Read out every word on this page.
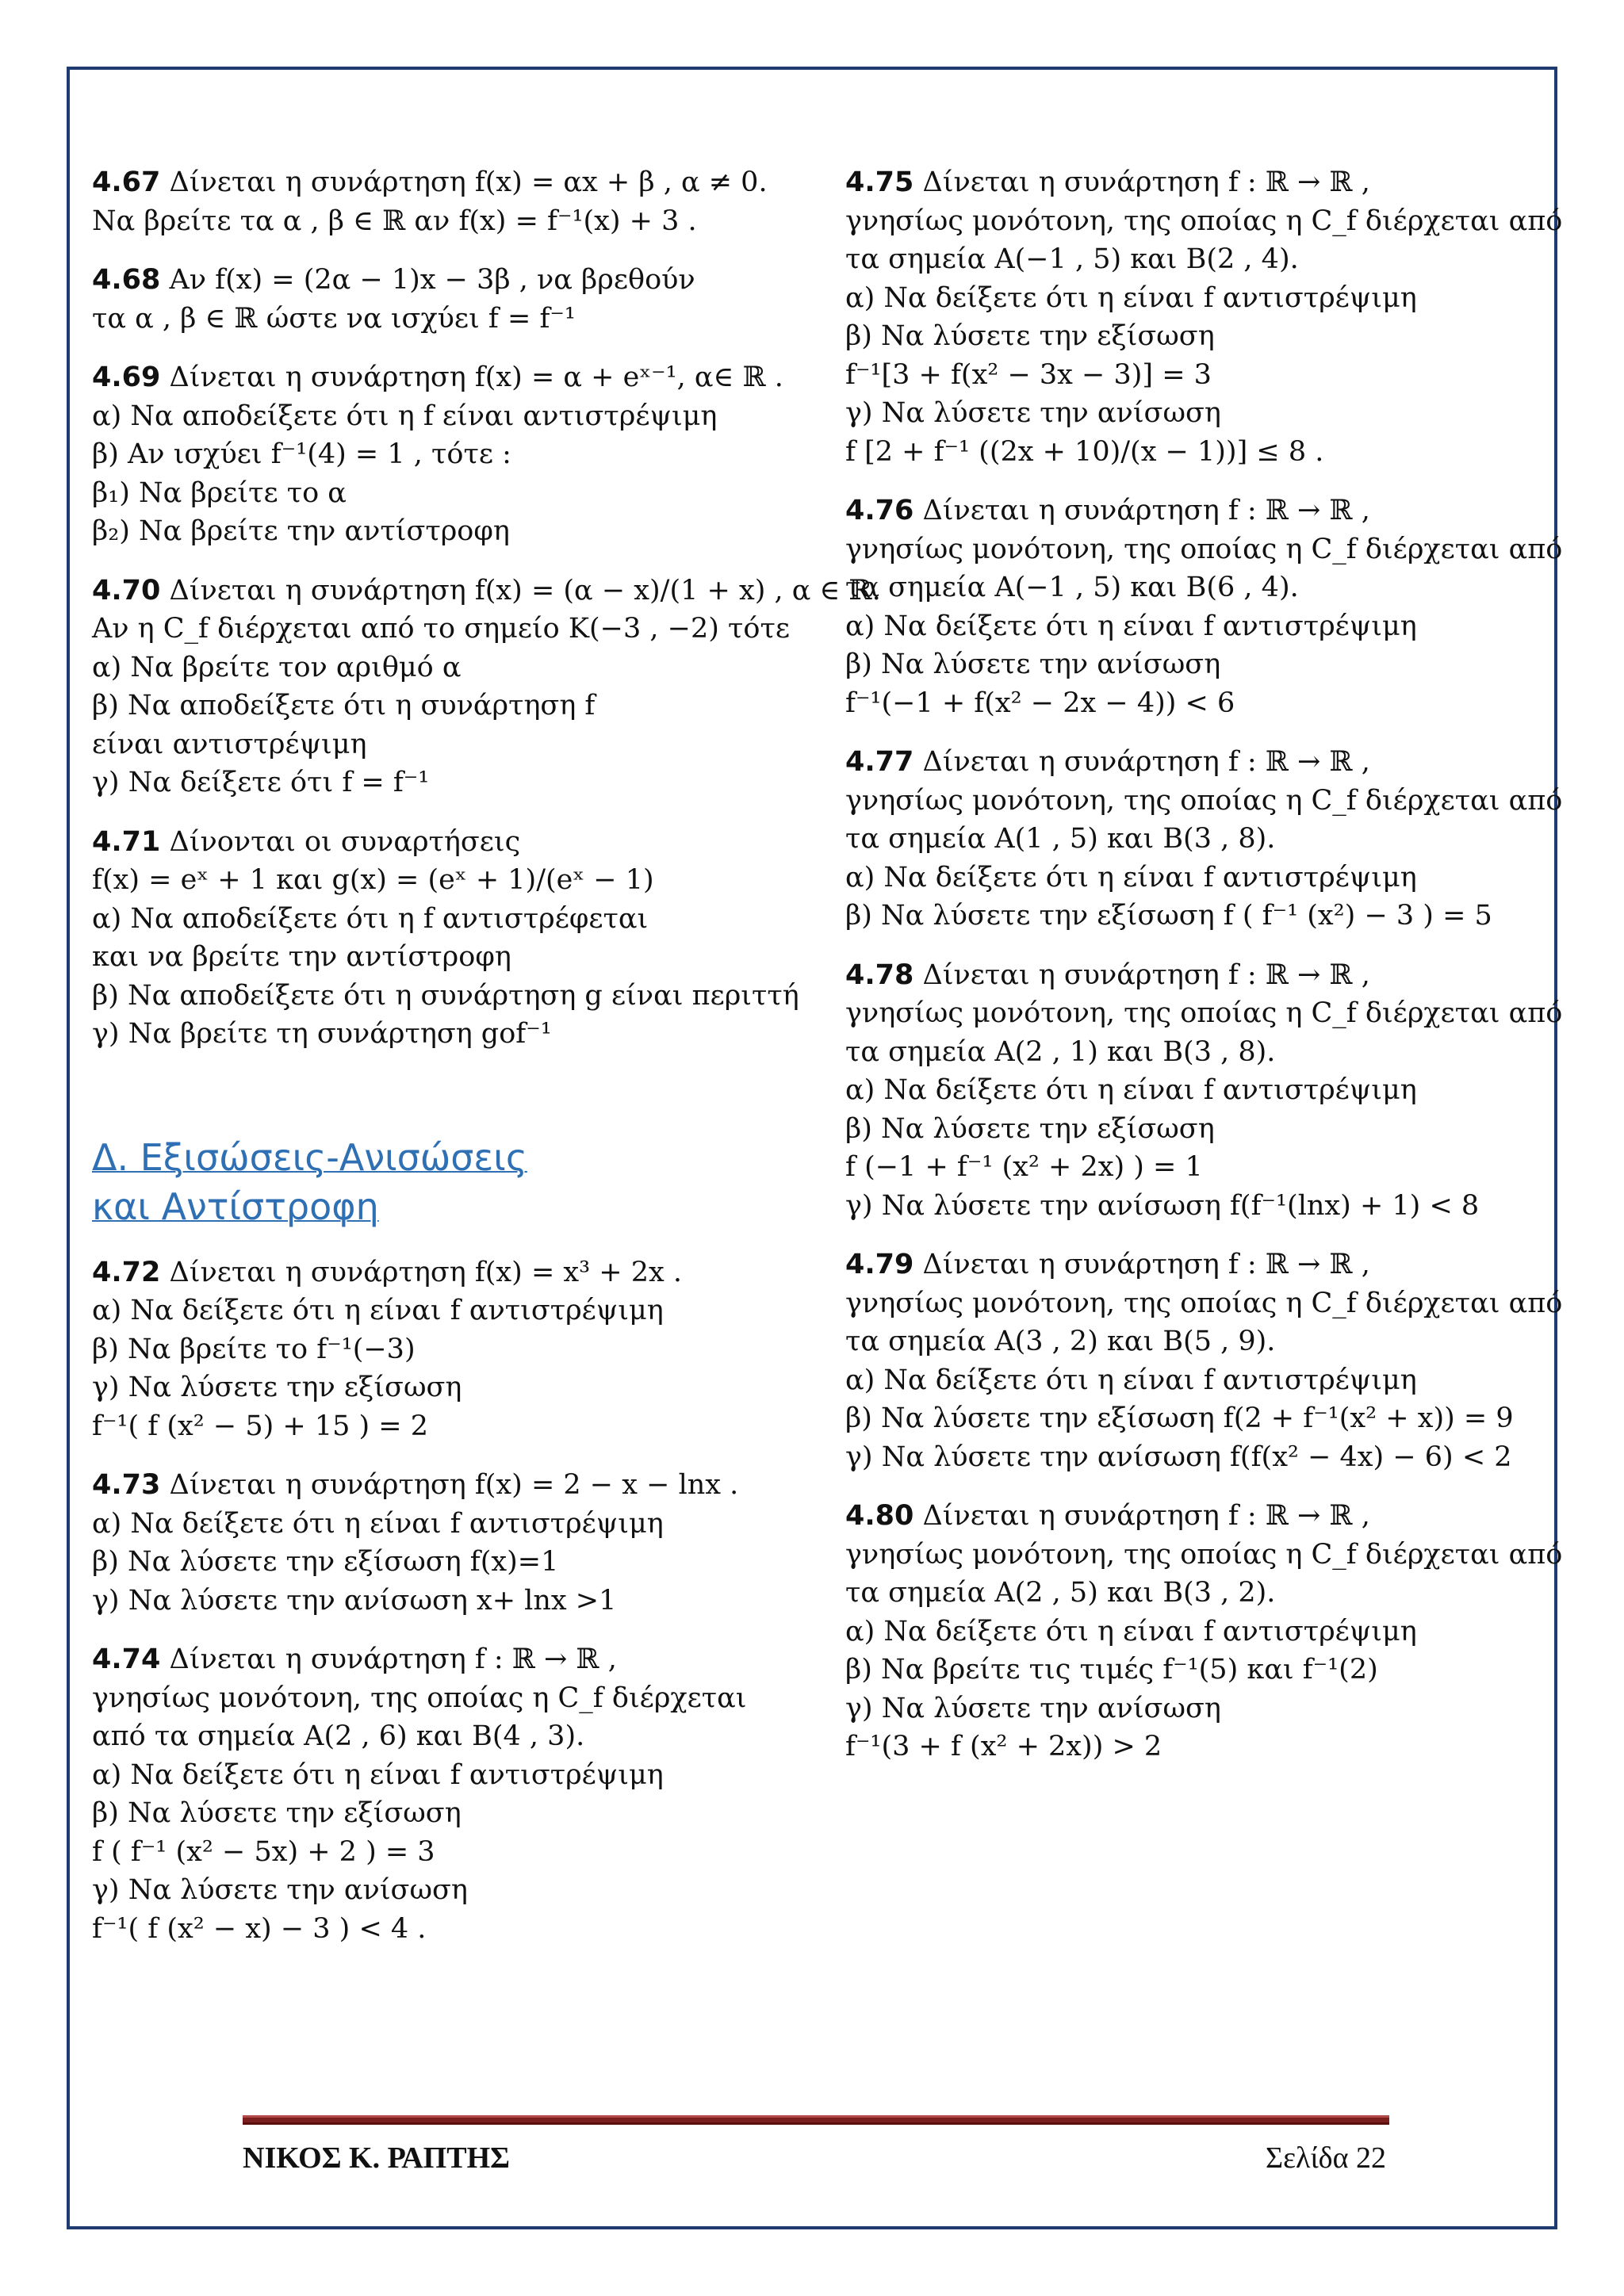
4.67 Δίνεται η συνάρτηση f(x) = αx + β , α ≠ 0.
Να βρείτε τα α , β ∈ ℝ αν f(x) = f⁻¹(x) + 3 .
4.68 Αν f(x) = (2α − 1)x − 3β , να βρεθούν
τα α , β ∈ ℝ ώστε να ισχύει f = f⁻¹
4.69 Δίνεται η συνάρτηση f(x) = α + eˣ⁻¹, α∈ ℝ .
α) Να αποδείξετε ότι η f είναι αντιστρέψιμη
β) Αν ισχύει f⁻¹(4) = 1 , τότε :
β₁) Να βρείτε το α
β₂) Να βρείτε την αντίστροφη
4.70 Δίνεται η συνάρτηση f(x) = (α − x)/(1 + x) , α ∈ ℝ.
Αν η C_f διέρχεται από το σημείο Κ(−3 , −2) τότε
α) Να βρείτε τον αριθμό α
β) Να αποδείξετε ότι η συνάρτηση f
είναι αντιστρέψιμη
γ) Να δείξετε ότι f = f⁻¹
4.71 Δίνονται οι συναρτήσεις
f(x) = eˣ + 1 και g(x) = (eˣ + 1)/(eˣ − 1)
α) Να αποδείξετε ότι η f αντιστρέφεται
και να βρείτε την αντίστροφη
β) Να αποδείξετε ότι η συνάρτηση g είναι περιττή
γ) Να βρείτε τη συνάρτηση gof⁻¹
Δ. Εξισώσεις-Ανισώσεις
και Αντίστροφη
4.72 Δίνεται η συνάρτηση f(x) = x³ + 2x .
α) Να δείξετε ότι η είναι f αντιστρέψιμη
β) Να βρείτε το f⁻¹(−3)
γ) Να λύσετε την εξίσωση
f⁻¹( f (x² − 5) + 15 ) = 2
4.73 Δίνεται η συνάρτηση f(x) = 2 − x − lnx .
α) Να δείξετε ότι η είναι f αντιστρέψιμη
β) Να λύσετε την εξίσωση f(x)=1
γ) Να λύσετε την ανίσωση x+ lnx >1
4.74 Δίνεται η συνάρτηση f : ℝ → ℝ ,
γνησίως μονότονη, της οποίας η C_f διέρχεται
από τα σημεία Α(2 , 6) και Β(4 , 3).
α) Να δείξετε ότι η είναι f αντιστρέψιμη
β) Να λύσετε την εξίσωση
f ( f⁻¹ (x² − 5x) + 2 ) = 3
γ) Να λύσετε την ανίσωση
f⁻¹( f (x² − x) − 3 ) < 4 .
4.75 Δίνεται η συνάρτηση f : ℝ → ℝ ,
γνησίως μονότονη, της οποίας η C_f διέρχεται από
τα σημεία Α(−1 , 5) και Β(2 , 4).
α) Να δείξετε ότι η είναι f αντιστρέψιμη
β) Να λύσετε την εξίσωση
f⁻¹[3 + f(x² − 3x − 3)] = 3
γ) Να λύσετε την ανίσωση
f [2 + f⁻¹ ((2x + 10)/(x − 1))] ≤ 8 .
4.76 Δίνεται η συνάρτηση f : ℝ → ℝ ,
γνησίως μονότονη, της οποίας η C_f διέρχεται από
τα σημεία Α(−1 , 5) και Β(6 , 4).
α) Να δείξετε ότι η είναι f αντιστρέψιμη
β) Να λύσετε την ανίσωση
f⁻¹(−1 + f(x² − 2x − 4)) < 6
4.77 Δίνεται η συνάρτηση f : ℝ → ℝ ,
γνησίως μονότονη, της οποίας η C_f διέρχεται από
τα σημεία Α(1 , 5) και Β(3 , 8).
α) Να δείξετε ότι η είναι f αντιστρέψιμη
β) Να λύσετε την εξίσωση f ( f⁻¹ (x²) − 3 ) = 5
4.78 Δίνεται η συνάρτηση f : ℝ → ℝ ,
γνησίως μονότονη, της οποίας η C_f διέρχεται από
τα σημεία Α(2 , 1) και Β(3 , 8).
α) Να δείξετε ότι η είναι f αντιστρέψιμη
β) Να λύσετε την εξίσωση
f (−1 + f⁻¹ (x² + 2x) ) = 1
γ) Να λύσετε την ανίσωση f(f⁻¹(lnx) + 1) < 8
4.79 Δίνεται η συνάρτηση f : ℝ → ℝ ,
γνησίως μονότονη, της οποίας η C_f διέρχεται από
τα σημεία Α(3 , 2) και Β(5 , 9).
α) Να δείξετε ότι η είναι f αντιστρέψιμη
β) Να λύσετε την εξίσωση f(2 + f⁻¹(x² + x)) = 9
γ) Να λύσετε την ανίσωση f(f(x² − 4x) − 6) < 2
4.80 Δίνεται η συνάρτηση f : ℝ → ℝ ,
γνησίως μονότονη, της οποίας η C_f διέρχεται από
τα σημεία Α(2 , 5) και Β(3 , 2).
α) Να δείξετε ότι η είναι f αντιστρέψιμη
β) Να βρείτε τις τιμές f⁻¹(5) και f⁻¹(2)
γ) Να λύσετε την ανίσωση
f⁻¹(3 + f (x² + 2x)) > 2
ΝΙΚΟΣ Κ. ΡΑΠΤΗΣ	Σελίδα 22
